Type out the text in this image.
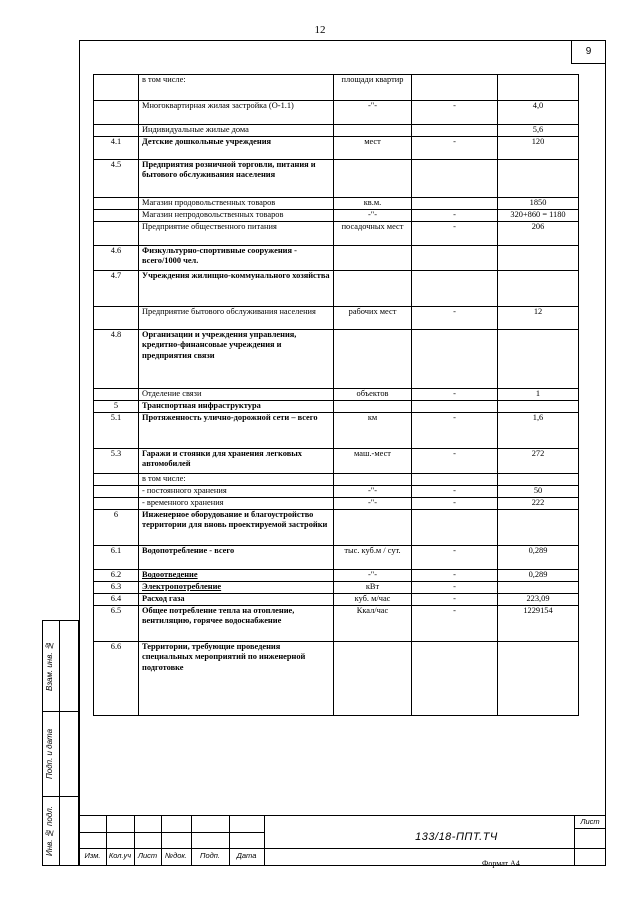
12
9
	в том числе:	площади квартир		
	Многоквартирная жилая застройка (О-1.1)	-"-	-	4,0
	Индивидуальные жилые дома			5,6
4.1	Детские дошкольные учреждения	мест	-	120
4.5	Предприятия розничной торговли, питания и бытового обслуживания населения			
	Магазин продовольственных товаров	кв.м.		1850
	Магазин непродовольственных товаров	-"-	-	320+860 = 1180
	Предприятие общественного питания	посадочных мест	-	206
4.6	Физкультурно-спортивные сооружения - всего/1000 чел.			
4.7	Учреждения жилищно-коммунального хозяйства			
	Предприятие бытового обслуживания населения	рабочих мест	-	12
4.8	Организации и учреждения управления, кредитно-финансовые учреждения и предприятия связи			
	Отделение связи	объектов	-	1
5	Транспортная инфраструктура			
5.1	Протяженность улично-дорожной сети – всего	км	-	1,6
5.3	Гаражи и стоянки для хранения легковых автомобилей	маш.-мест	-	272
	в том числе:			
	- постоянного хранения	-"-	-	50
	- временного хранения	-"-	-	222
6	Инженерное оборудование и благоустройство территории для вновь проектируемой застройки			
6.1	Водопотребление - всего	тыс. куб.м / сут.	-	0,289
6.2	Водоотведение	-"-	-	0,289
6.3	Электропотребление	кВт	-	
6.4	Расход газа	куб. м/час	-	223,09
6.5	Общее потребление тепла на отопление, вентиляцию, горячее водоснабжение	Ккал/час	-	1229154
6.6	Территории, требующие проведения специальных мероприятий по инженерной подготовке			
Взам. инв. №
Подп. и дата
Инв. № подл.	Изм.	Кол.уч Лист	№док.	Подп.	Дата
133/18-ППТ.ТЧ
Лист
Формат А4
